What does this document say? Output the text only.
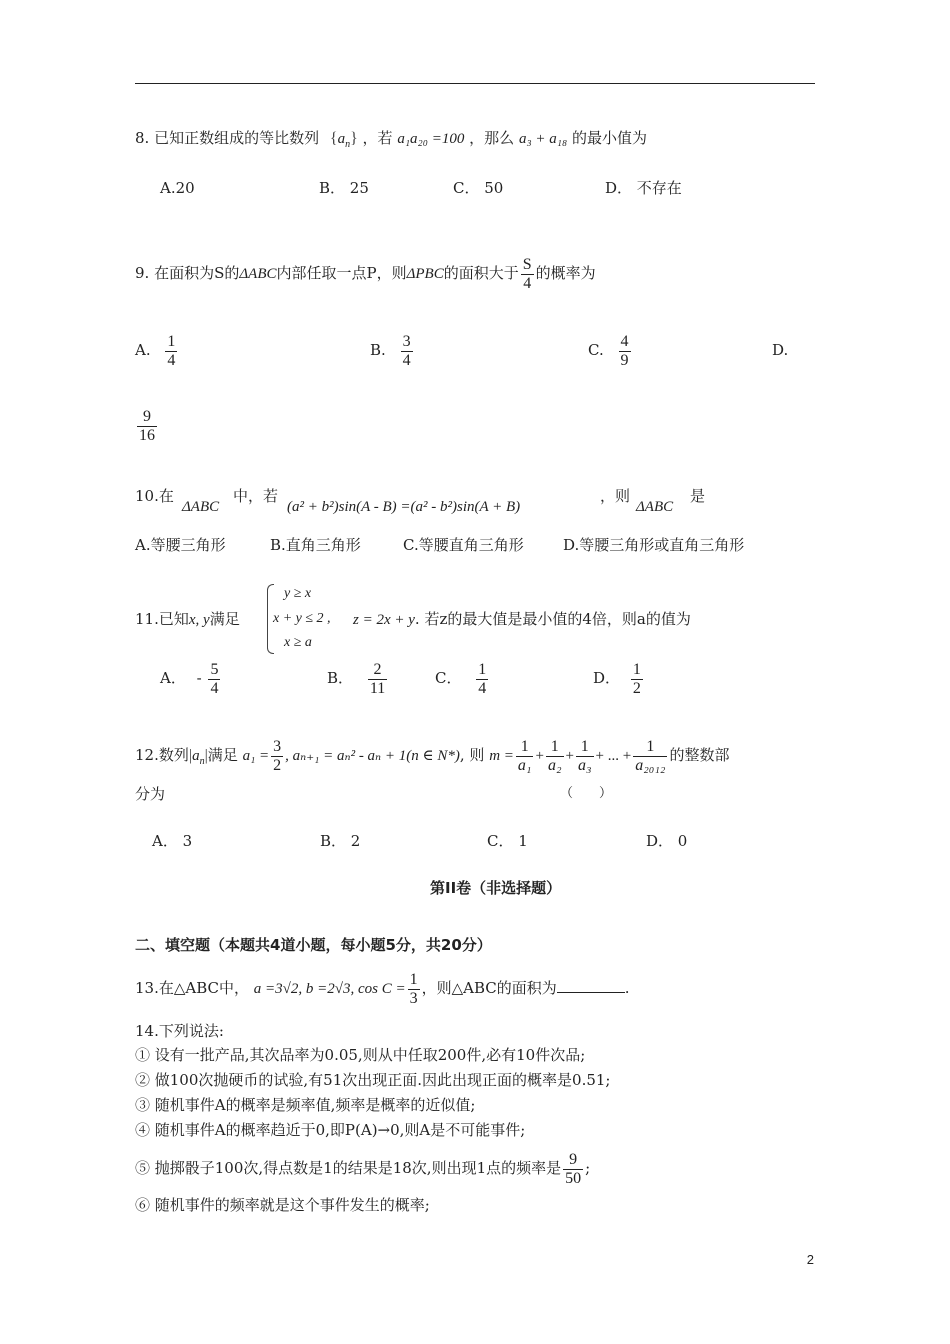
8. 已知正数组成的等比数列 $\{a_n\}$ ，若 a₁a₂₀ =100 ，那么 a₃ + a₁₈ 的最小值为
A.20	B． 25	C． 50	D． 不存在
9. 在面积为S的ΔABC内部任取一点P，则ΔPBC的面积大于 $\frac{S}{4}$ 的概率为
A. $\frac{1}{4}$	B. $\frac{3}{4}$	C. $\frac{4}{9}$	D.
$\frac{9}{16}$
10.在
ΔABC
中，若
(a² + b²)sin(A - B) =(a² - b²)sin(A + B)
，则
ΔABC
是
A.等腰三角形	B.直角三角形	C.等腰直角三角形	D.等腰三角形或直角三角形
11.已知x, y满足
y ≥ x
x + y ≤ 2 ,
x ≥ a
z = 2x + y. 若z的最大值是最小值的4倍，则a的值为
A． - $\frac{5}{4}$	B． $\frac{2}{11}$	C． $\frac{1}{4}$	D． $\frac{1}{2}$
12.数列$|a_n|$满足 $a_1 = \frac{3}{2}$ , aₙ₊₁ = aₙ² - aₙ + 1(n ∈ N*), 则 $m = \frac{1}{\text{a₁}} + \frac{1}{\text{a₂}} + \frac{1}{\text{a₃}}$ + ... + $\frac{1}{\text{a₂₀₁₂}}$ 的整数部
分为	（　　）
A． 3	B． 2	C． 1	D． 0
第II卷（非选择题）
二、填空题（本题共4道小题，每小题5分，共20分）
13.在△ABC中， a =3√2, b =2√3, $\cos C = \frac{1}{3}$ ，则△ABC的面积为	.
14.下列说法:
① 设有一批产品,其次品率为0.05,则从中任取200件,必有10件次品;
② 做100次抛硬币的试验,有51次出现正面.因此出现正面的概率是0.51;
③ 随机事件A的概率是频率值,频率是概率的近似值;
④ 随机事件A的概率趋近于0,即P(A)→0,则A是不可能事件;
⑤ 抛掷骰子100次,得点数是1的结果是18次,则出现1点的频率是 $\frac{9}{50}$ ;
⑥ 随机事件的频率就是这个事件发生的概率;
2
